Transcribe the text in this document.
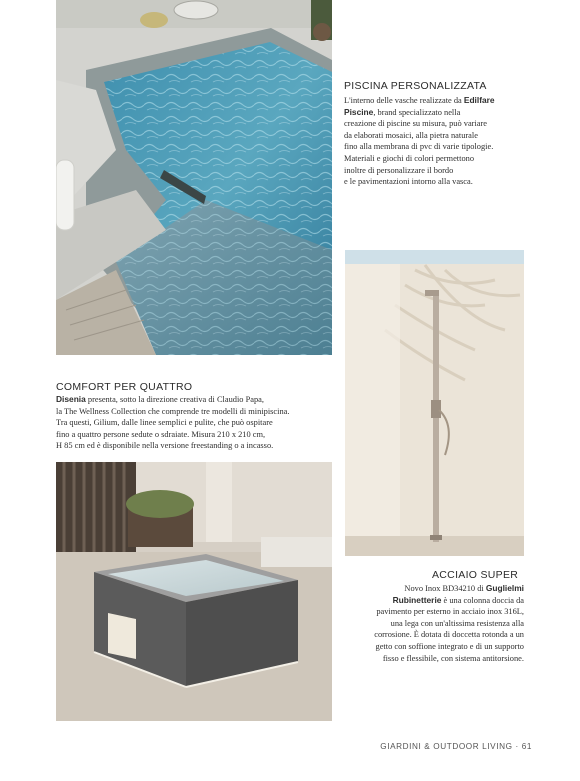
PISCINA PERSONALIZZATA
L'interno delle vasche realizzate da Edilfare
Piscine, brand specializzato nella
creazione di piscine su misura, può variare
da elaborati mosaici, alla pietra naturale
fino alla membrana di pvc di varie tipologie.
Materiali e giochi di colori permettono
inoltre di personalizzare il bordo
e le pavimentazioni intorno alla vasca.
COMFORT PER QUATTRO
Disenia presenta, sotto la direzione creativa di Claudio Papa,
la The Wellness Collection che comprende tre modelli di minipiscina.
Tra questi, Gilium, dalle linee semplici e pulite, che può ospitare
fino a quattro persone sedute o sdraiate. Misura 210 x 210 cm,
H 85 cm ed è disponibile nella versione freestanding o a incasso.
ACCIAIO SUPER
Novo Inox BD34210 di Guglielmi
Rubinetterie è una colonna doccia da
pavimento per esterno in acciaio inox 316L,
una lega con un'altissima resistenza alla
corrosione. È dotata di doccetta rotonda a un
getto con soffione integrato e di un supporto
fisso e flessibile, con sistema antitorsione.
GIARDINI & OUTDOOR LIVING · 61
